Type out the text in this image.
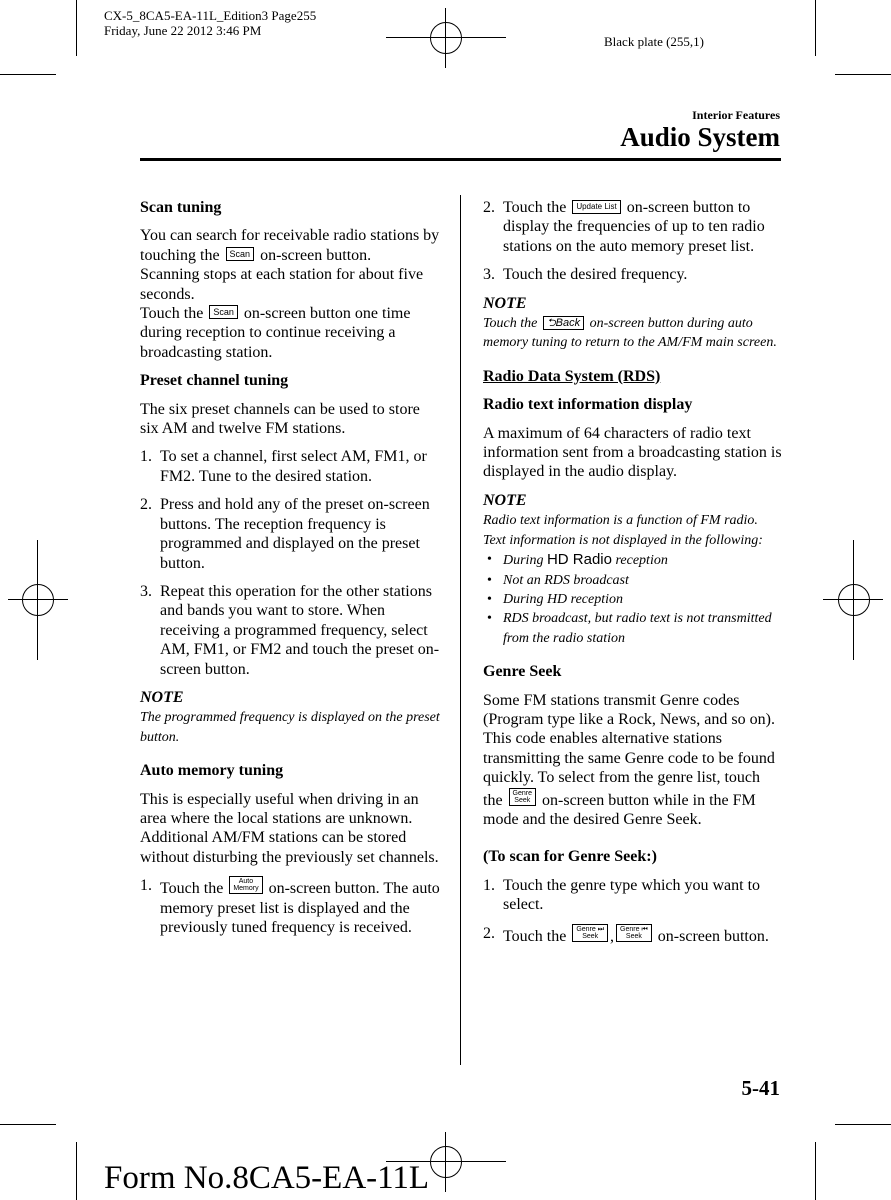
CX-5_8CA5-EA-11L_Edition3 Page255
Friday, June 22 2012 3:46 PM
Black plate (255,1)
Interior Features
Audio System
Scan tuning
You can search for receivable radio stations by touching the Scan on-screen button.
Scanning stops at each station for about five seconds.
Touch the Scan on-screen button one time during reception to continue receiving a broadcasting station.
Preset channel tuning
The six preset channels can be used to store six AM and twelve FM stations.
1. To set a channel, first select AM, FM1, or FM2. Tune to the desired station.
2. Press and hold any of the preset on-screen buttons. The reception frequency is programmed and displayed on the preset button.
3. Repeat this operation for the other stations and bands you want to store. When receiving a programmed frequency, select AM, FM1, or FM2 and touch the preset on-screen button.
NOTE
The programmed frequency is displayed on the preset button.
Auto memory tuning
This is especially useful when driving in an area where the local stations are unknown. Additional AM/FM stations can be stored without disturbing the previously set channels.
1. Touch the Auto
Memory on-screen button. The auto memory preset list is displayed and the previously tuned frequency is received.
2. Touch the Update List on-screen button to display the frequencies of up to ten radio stations on the auto memory preset list.
3. Touch the desired frequency.
NOTE
Touch the ⮌Back on-screen button during auto memory tuning to return to the AM/FM main screen.
Radio Data System (RDS)
Radio text information display
A maximum of 64 characters of radio text information sent from a broadcasting station is displayed in the audio display.
NOTE
Radio text information is a function of FM radio. Text information is not displayed in the following:
• During HD Radio reception
• Not an RDS broadcast
• During HD reception
• RDS broadcast, but radio text is not transmitted from the radio station
Genre Seek
Some FM stations transmit Genre codes (Program type like a Rock, News, and so on). This code enables alternative stations transmitting the same Genre code to be found quickly. To select from the genre list, touch the Genre
Seek on-screen button while in the FM mode and the desired Genre Seek.
(To scan for Genre Seek:)
1. Touch the genre type which you want to select.
2. Touch the Genre ⏭
Seek , Genre ⏮
Seek on-screen button.
5-41
Form No.8CA5-EA-11L
